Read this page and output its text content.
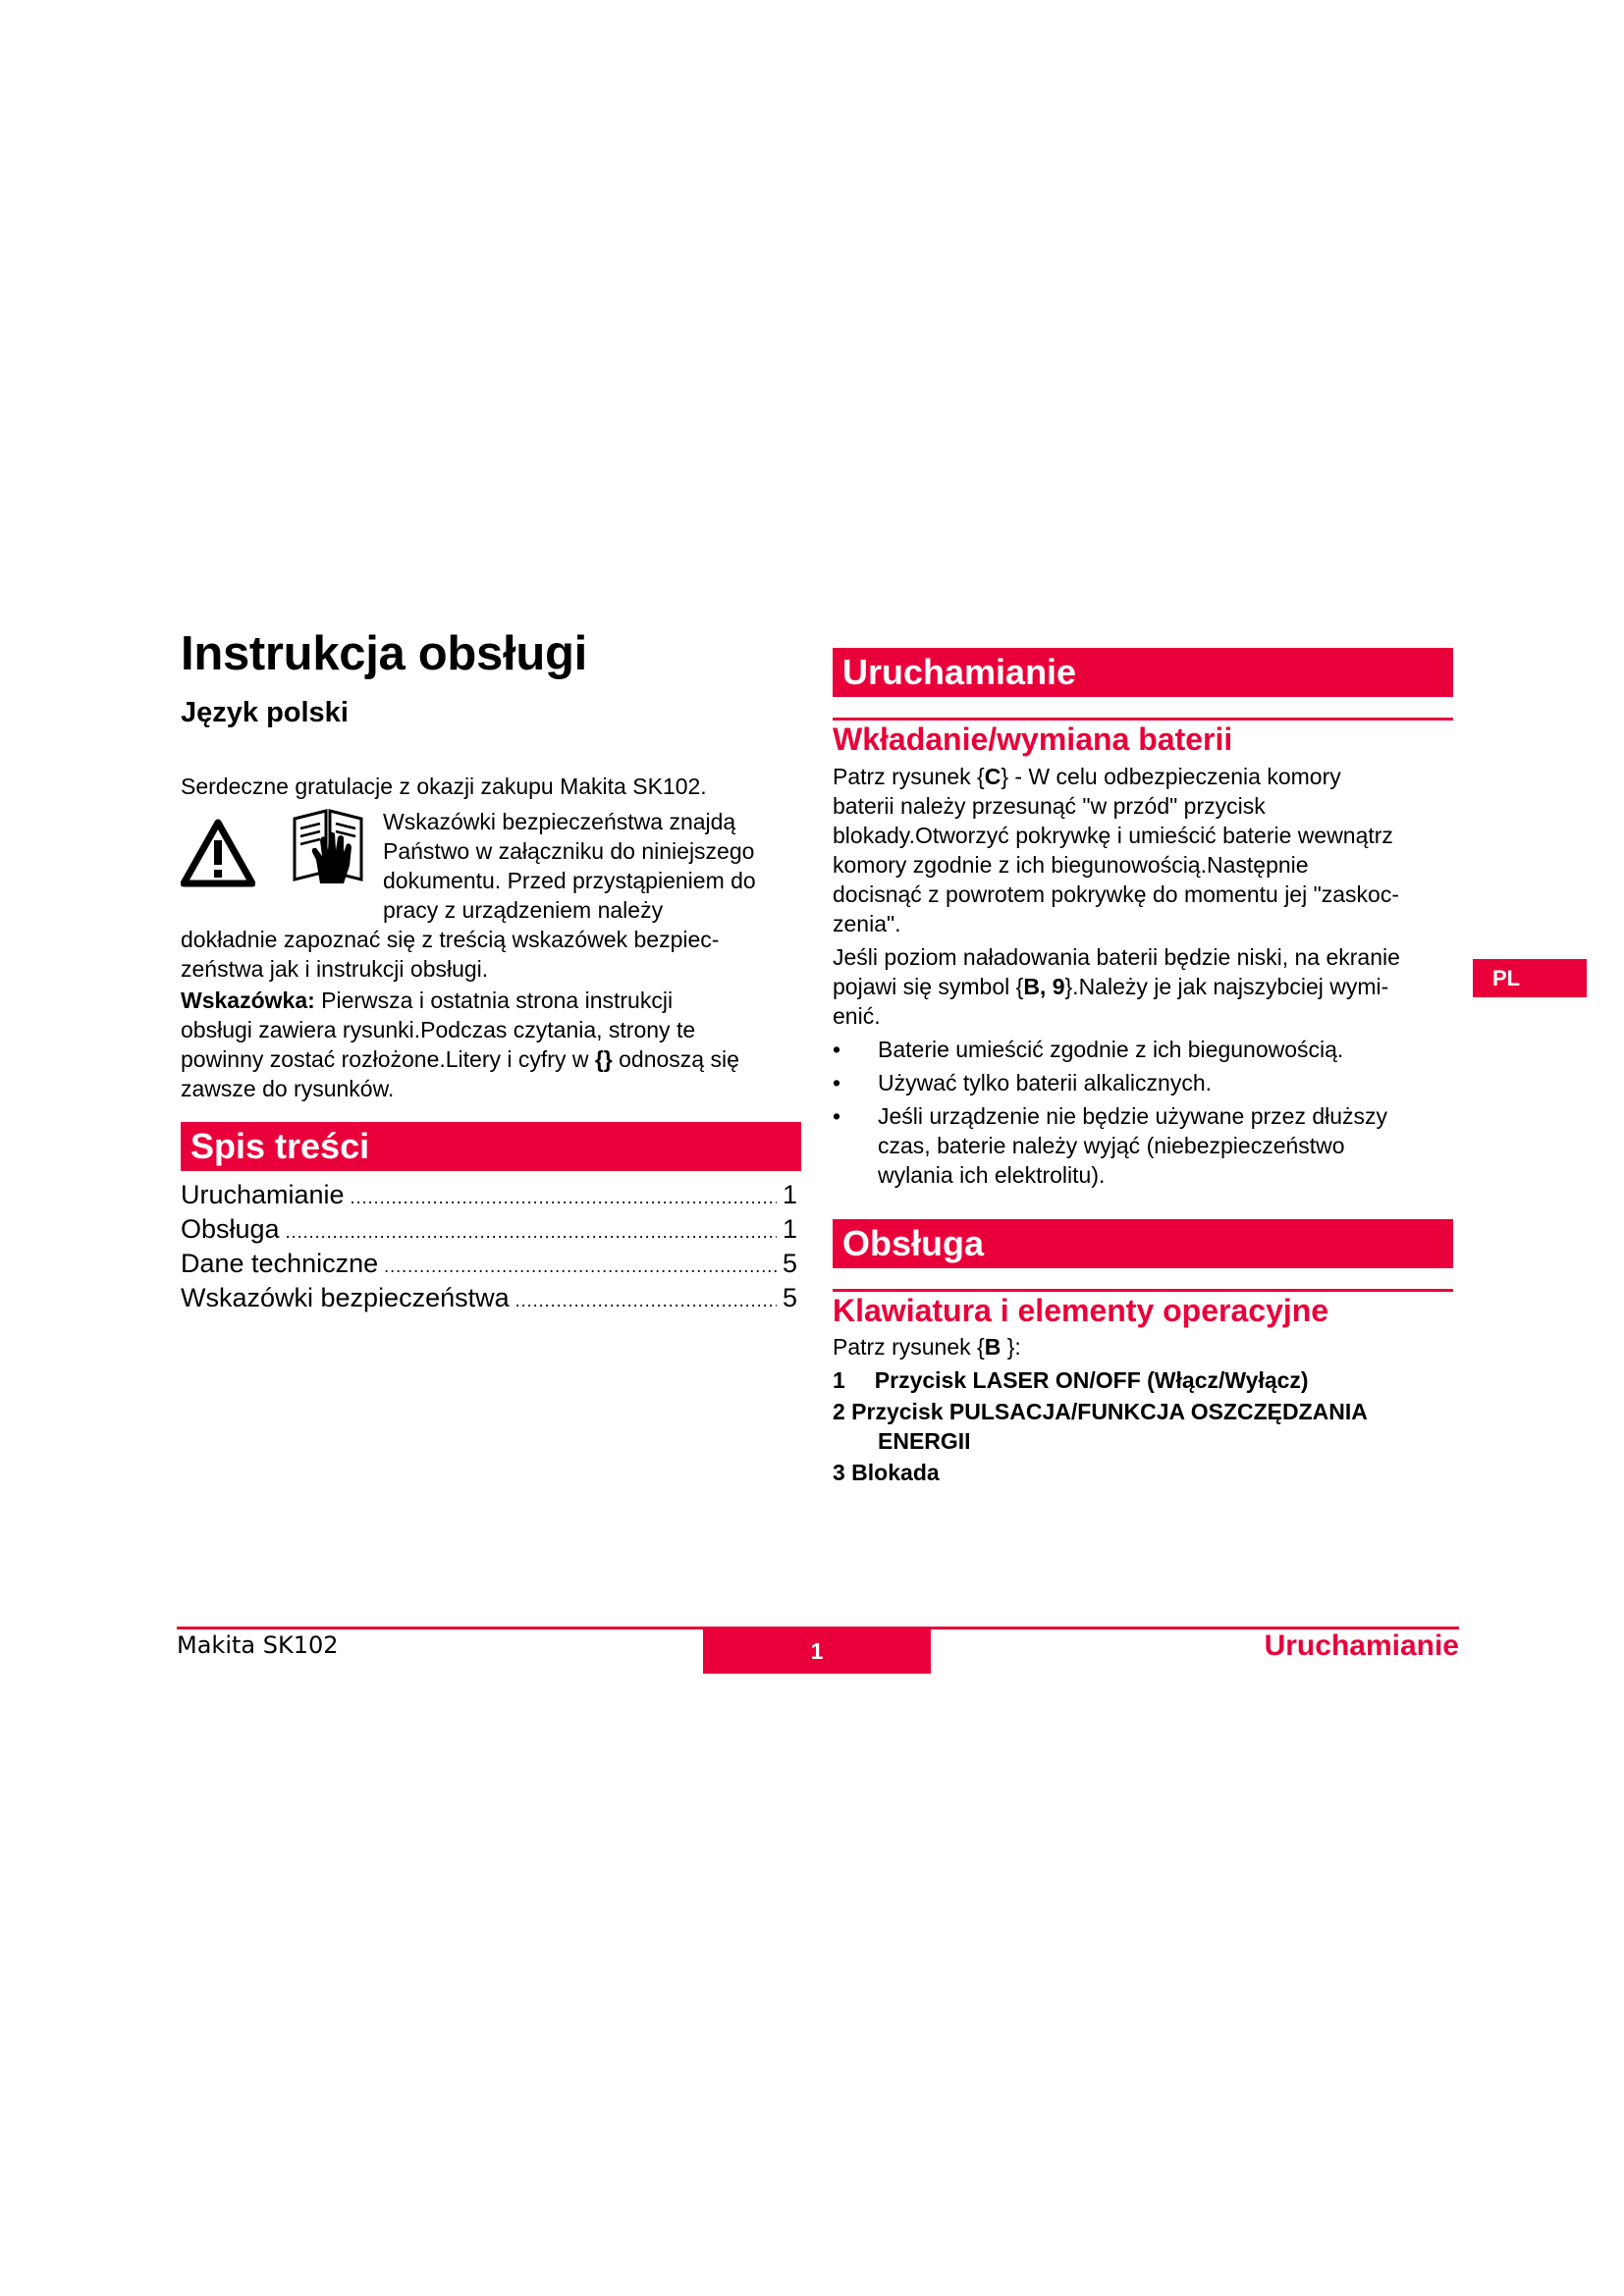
Instrukcja obsługi
Język polski
Serdeczne gratulacje z okazji zakupu Makita SK102.
Wskazówki bezpieczeństwa znajdą
Państwo w załączniku do niniejszego
dokumentu. Przed przystąpieniem do
pracy z urządzeniem należy
dokładnie zapoznać się z treścią wskazówek bezpiec-
zeństwa jak i instrukcji obsługi.
Wskazówka: Pierwsza i ostatnia strona instrukcji
obsługi zawiera rysunki.Podczas czytania, strony te
powinny zostać rozłożone.Litery i cyfry w {} odnoszą się
zawsze do rysunków.
Spis treści
Uruchamianie .....	1
Obsługa .....	1
Dane techniczne .....	5
Wskazówki bezpieczeństwa .....	5
Uruchamianie
Wkładanie/wymiana baterii
Patrz rysunek {C} - W celu odbezpieczenia komory
baterii należy przesunąć "w przód" przycisk
blokady.Otworzyć pokrywkę i umieścić baterie wewnątrz
komory zgodnie z ich biegunowością.Następnie
docisnąć z powrotem pokrywkę do momentu jej "zaskoc-
zenia".
Jeśli poziom naładowania baterii będzie niski, na ekranie
pojawi się symbol {B, 9}.Należy je jak najszybciej wymi-
enić.
• Baterie umieścić zgodnie z ich biegunowością.
• Używać tylko baterii alkalicznych.
• Jeśli urządzenie nie będzie używane przez dłuższy
czas, baterie należy wyjąć (niebezpieczeństwo
wylania ich elektrolitu).
Obsługa
Klawiatura i elementy operacyjne
Patrz rysunek {B }:
1 Przycisk LASER ON/OFF (Włącz/Wyłącz)
2 Przycisk PULSACJA/FUNKCJA OSZCZĘDZANIA
ENERGII
3 Blokada
PL
Makita SK102	1	Uruchamianie
